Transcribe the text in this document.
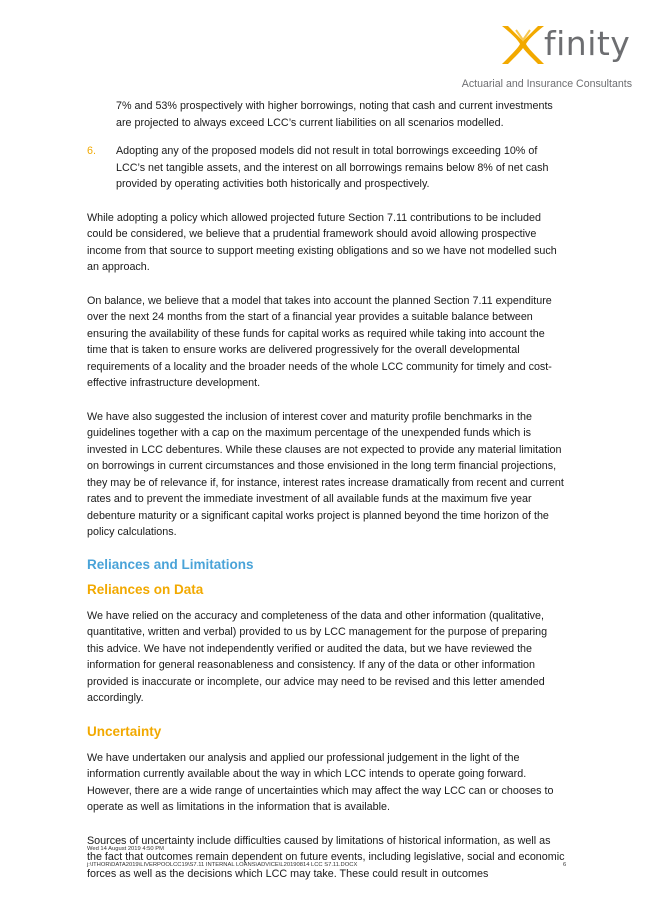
finity
Actuarial and Insurance Consultants

7% and 53% prospectively with higher borrowings, noting that cash and current investments are projected to always exceed LCC’s current liabilities on all scenarios modelled.

6.	Adopting any of the proposed models did not result in total borrowings exceeding 10% of LCC’s net tangible assets, and the interest on all borrowings remains below 8% of net cash provided by operating activities both historically and prospectively.

While adopting a policy which allowed projected future Section 7.11 contributions to be included could be considered, we believe that a prudential framework should avoid allowing prospective income from that source to support meeting existing obligations and so we have not modelled such an approach.

On balance, we believe that a model that takes into account the planned Section 7.11 expenditure over the next 24 months from the start of a financial year provides a suitable balance between ensuring the availability of these funds for capital works as required while taking into account the time that is taken to ensure works are delivered progressively for the overall developmental requirements of a locality and the broader needs of the whole LCC community for timely and cost-effective infrastructure development.

We have also suggested the inclusion of interest cover and maturity profile benchmarks in the guidelines together with a cap on the maximum percentage of the unexpended funds which is invested in LCC debentures. While these clauses are not expected to provide any material limitation on borrowings in current circumstances and those envisioned in the long term financial projections, they may be of relevance if, for instance, interest rates increase dramatically from recent and current rates and to prevent the immediate investment of all available funds at the maximum five year debenture maturity or a significant capital works project is planned beyond the time horizon of the policy calculations.

Reliances and Limitations
Reliances on Data

We have relied on the accuracy and completeness of the data and other information (qualitative, quantitative, written and verbal) provided to us by LCC management for the purpose of preparing this advice. We have not independently verified or audited the data, but we have reviewed the information for general reasonableness and consistency. If any of the data or other information provided is inaccurate or incomplete, our advice may need to be revised and this letter amended accordingly.

Uncertainty

We have undertaken our analysis and applied our professional judgement in the light of the information currently available about the way in which LCC intends to operate going forward. However, there are a wide range of uncertainties which may affect the way LCC can or chooses to operate as well as limitations in the information that is available.

Sources of uncertainty include difficulties caused by limitations of historical information, as well as the fact that outcomes remain dependent on future events, including legislative, social and economic forces as well as the decisions which LCC may take. These could result in outcomes

Wed 14 August 2019 4:50 PM
j:\ITHOR\DATA2019\LIVERPOOLCC19\S7.11 INTERNAL LOANS\ADVICE\L20190814 LCC S7.11.DOCX	6
